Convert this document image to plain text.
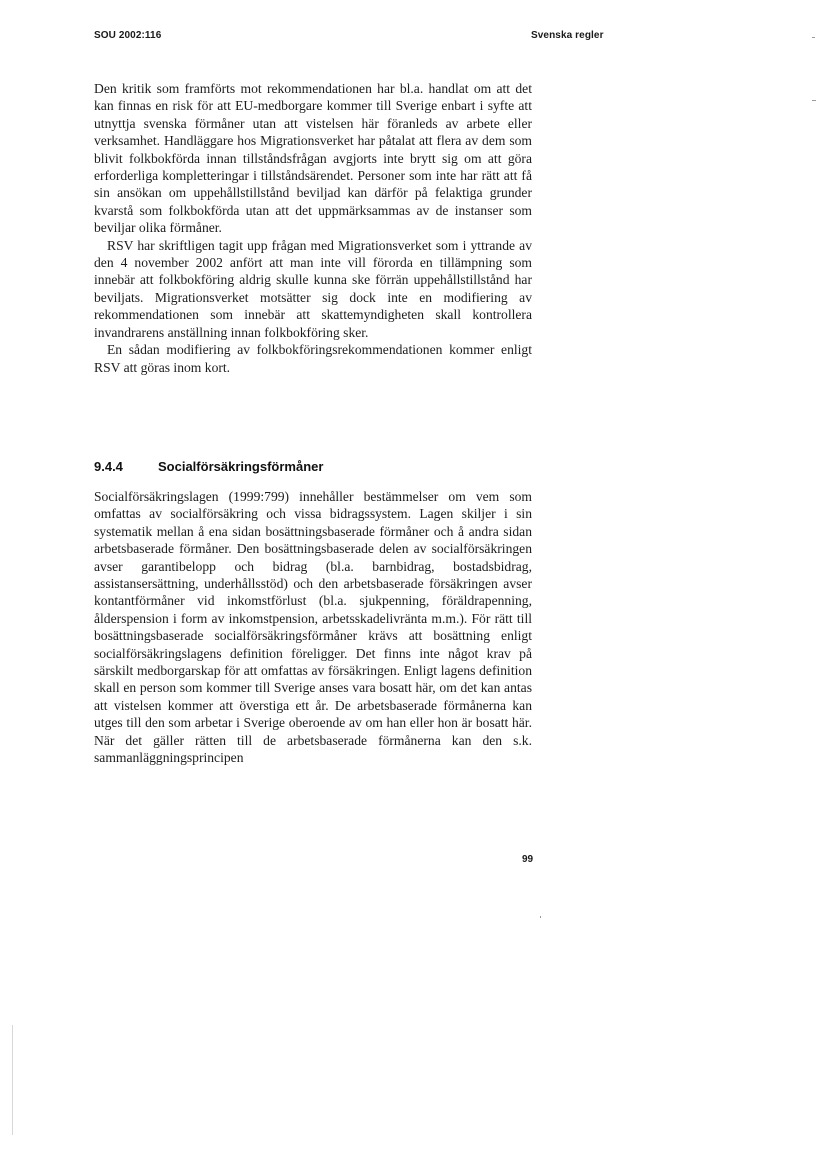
SOU 2002:116	Svenska regler

Den kritik som framförts mot rekommendationen har bl.a. handlat om att det kan finnas en risk för att EU-medborgare kommer till Sverige enbart i syfte att utnyttja svenska förmåner utan att vistelsen här föranleds av arbete eller verksamhet. Handläggare hos Migrationsverket har påtalat att flera av dem som blivit folkbokförda innan tillståndsfrågan avgjorts inte brytt sig om att göra erforderliga kompletteringar i tillståndsärendet. Personer som inte har rätt att få sin ansökan om uppehållstillstånd beviljad kan därför på felaktiga grunder kvarstå som folkbokförda utan att det uppmärksammas av de instanser som beviljar olika förmåner.

RSV har skriftligen tagit upp frågan med Migrationsverket som i yttrande av den 4 november 2002 anfört att man inte vill förorda en tillämpning som innebär att folkbokföring aldrig skulle kunna ske förrän uppehållstillstånd har beviljats. Migrationsverket motsätter sig dock inte en modifiering av rekommendationen som innebär att skattemyndigheten skall kontrollera invandrarens anställning innan folkbokföring sker.

En sådan modifiering av folkbokföringsrekommendationen kommer enligt RSV att göras inom kort.

9.4.4	Socialförsäkringsförmåner

Socialförsäkringslagen (1999:799) innehåller bestämmelser om vem som omfattas av socialförsäkring och vissa bidragssystem. Lagen skiljer i sin systematik mellan å ena sidan bosättningsbaserade förmåner och å andra sidan arbetsbaserade förmåner. Den bosättningsbaserade delen av socialförsäkringen avser garantibelopp och bidrag (bl.a. barnbidrag, bostadsbidrag, assistansersättning, underhållsstöd) och den arbetsbaserade försäkringen avser kontantförmåner vid inkomstförlust (bl.a. sjukpenning, föräldrapenning, ålderspension i form av inkomstpension, arbetsskadelivränta m.m.). För rätt till bosättningsbaserade socialförsäkringsförmåner krävs att bosättning enligt socialförsäkringslagens definition föreligger. Det finns inte något krav på särskilt medborgarskap för att omfattas av försäkringen. Enligt lagens definition skall en person som kommer till Sverige anses vara bosatt här, om det kan antas att vistelsen kommer att överstiga ett år. De arbetsbaserade förmånerna kan utges till den som arbetar i Sverige oberoende av om han eller hon är bosatt här. När det gäller rätten till de arbetsbaserade förmånerna kan den s.k. sammanläggningsprincipen

99
